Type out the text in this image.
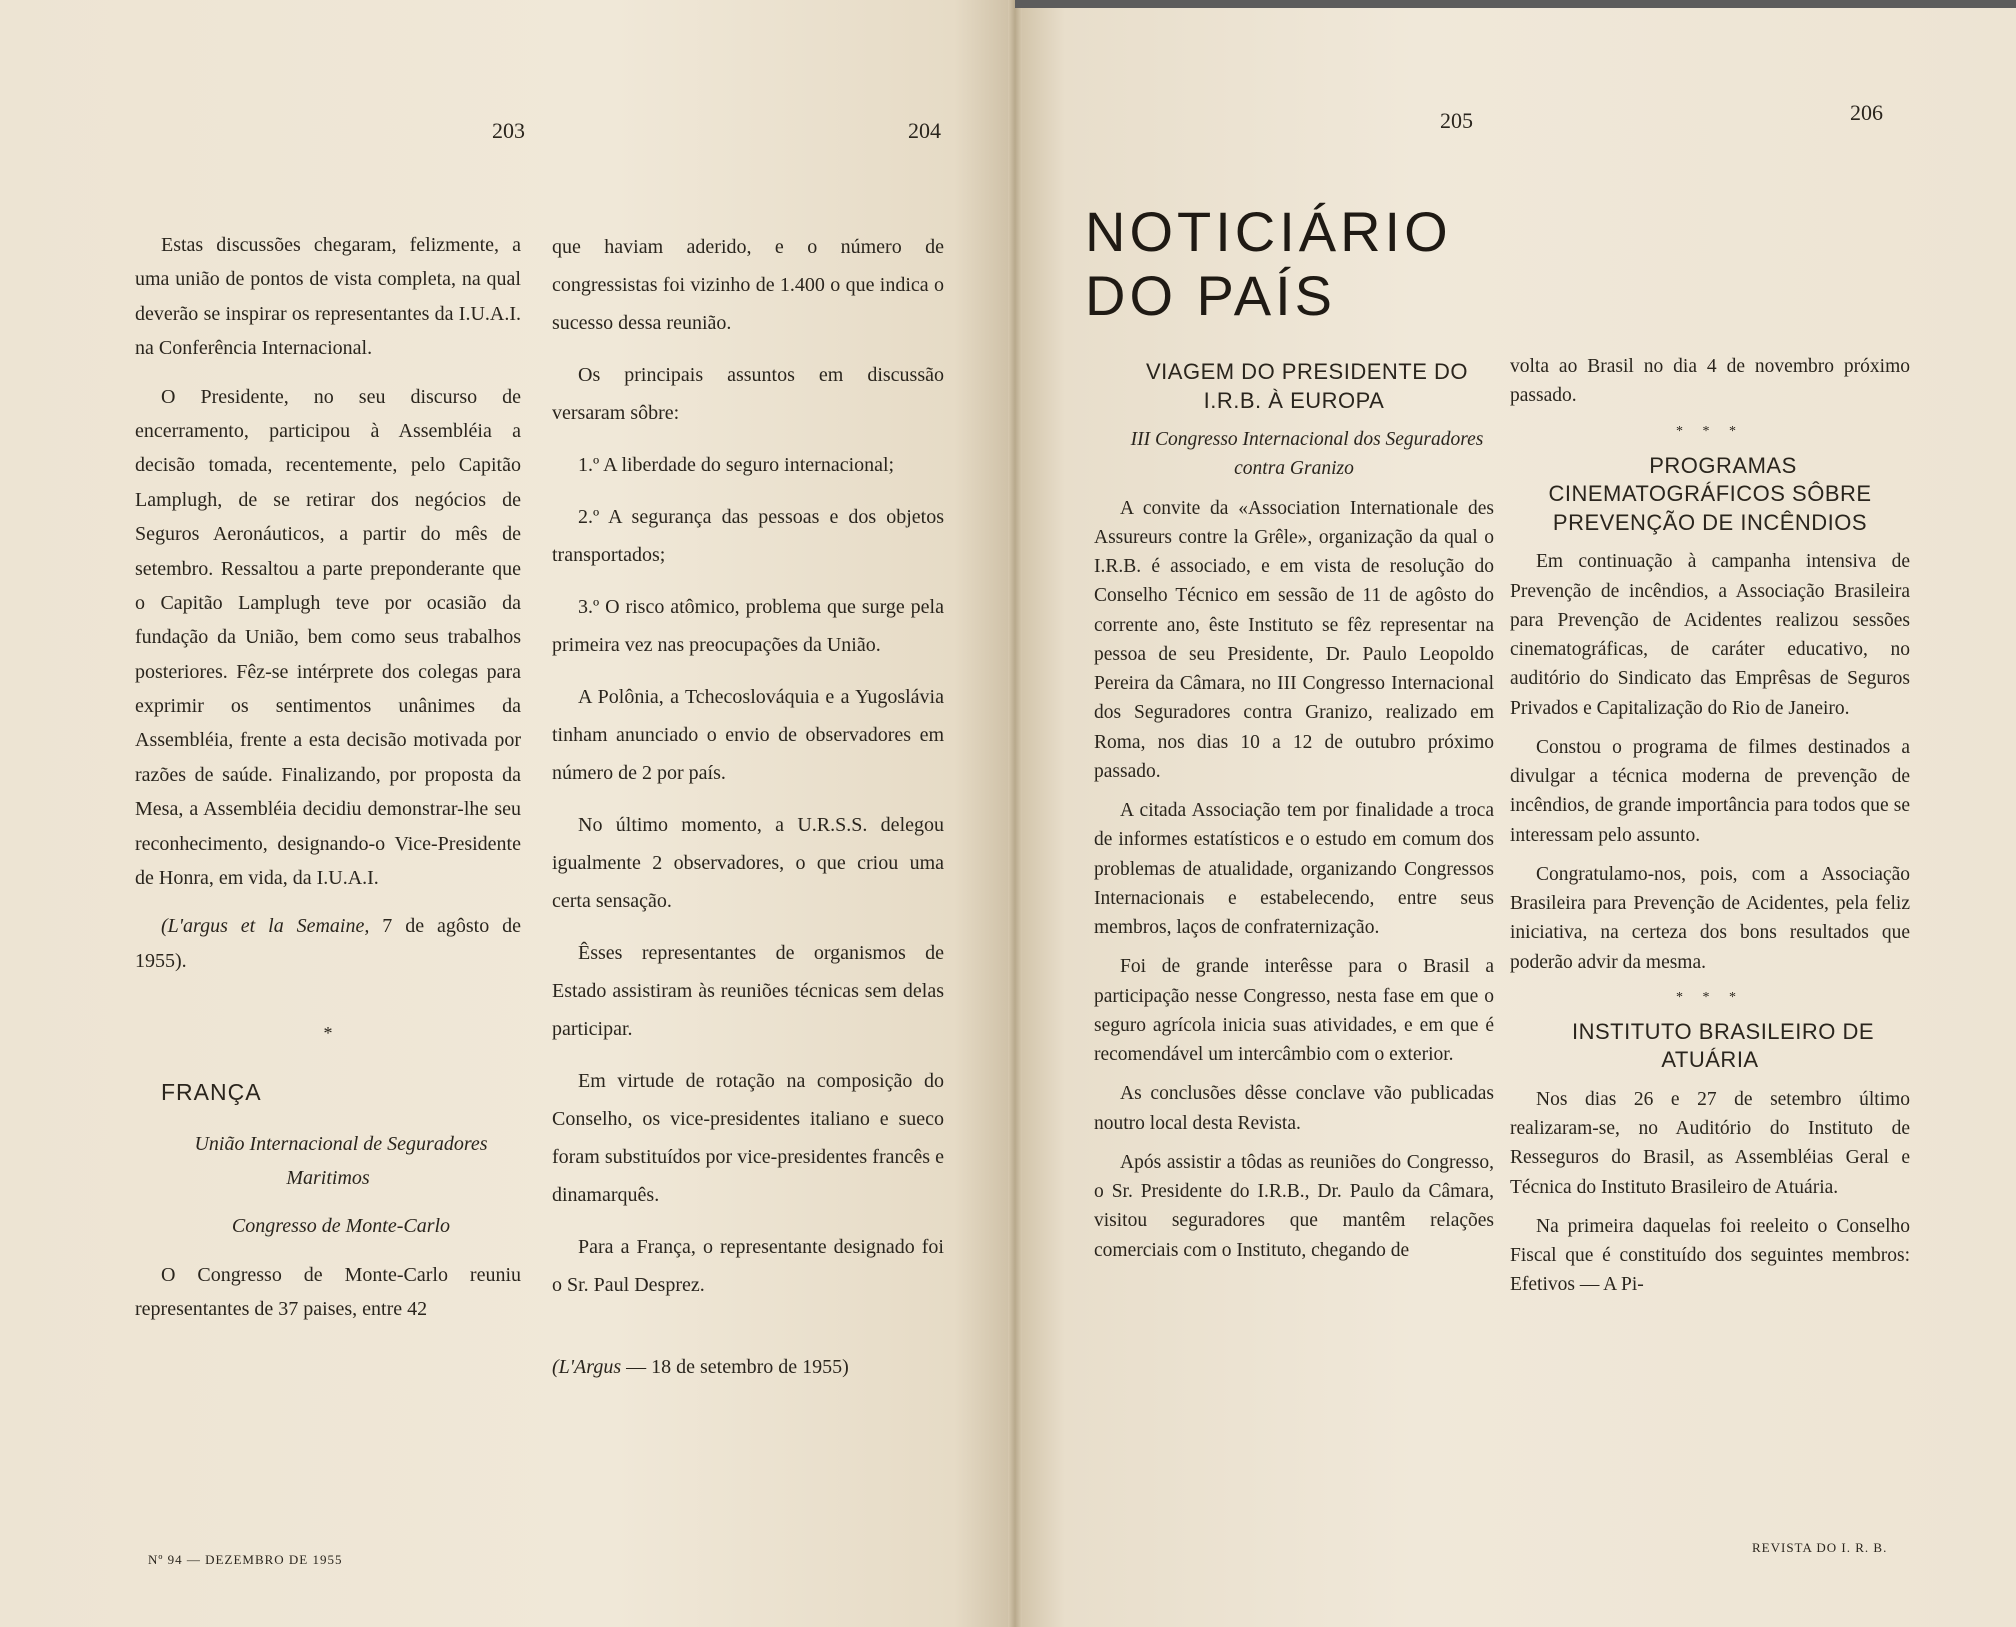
203	204	205	206

Estas discussões chegaram, felizmente, a uma união de pontos de vista completa, na qual deverão se inspirar os representantes da I.U.A.I. na Conferência Internacional.

O Presidente, no seu discurso de encerramento, participou à Assembléia a decisão tomada, recentemente, pelo Capitão Lamplugh, de se retirar dos negócios de Seguros Aeronáuticos, a partir do mês de setembro. Ressaltou a parte preponderante que o Capitão Lamplugh teve por ocasião da fundação da União, bem como seus trabalhos posteriores. Fêz-se intérprete dos colegas para exprimir os sentimentos unânimes da Assembléia, frente a esta decisão motivada por razões de saúde. Finalizando, por proposta da Mesa, a Assembléia decidiu demonstrar-lhe seu reconhecimento, designando-o Vice-Presidente de Honra, em vida, da I.U.A.I.

(L'argus et la Semaine, 7 de agôsto de 1955).

*

FRANÇA

União Internacional de Seguradores Maritimos

Congresso de Monte-Carlo

O Congresso de Monte-Carlo reuniu representantes de 37 paises, entre 42

que haviam aderido, e o número de congressistas foi vizinho de 1.400 o que indica o sucesso dessa reunião.

Os principais assuntos em discussão versaram sôbre:

1.º A liberdade do seguro internacional;

2.º A segurança das pessoas e dos objetos transportados;

3.º O risco atômico, problema que surge pela primeira vez nas preocupações da União.

A Polônia, a Tchecoslováquia e a Yugoslávia tinham anunciado o envio de observadores em número de 2 por país.

No último momento, a U.R.S.S. delegou igualmente 2 observadores, o que criou uma certa sensação.

Êsses representantes de organismos de Estado assistiram às reuniões técnicas sem delas participar.

Em virtude de rotação na composição do Conselho, os vice-presidentes italiano e sueco foram substituídos por vice-presidentes francês e dinamarquês.

Para a França, o representante designado foi o Sr. Paul Desprez.

(L'Argus — 18 de setembro de 1955)

NOTICIÁRIO
DO PAÍS

VIAGEM DO PRESIDENTE DO I.R.B. À EUROPA

III Congresso Internacional dos Seguradores contra Granizo

A convite da «Association Internationale des Assureurs contre la Grêle», organização da qual o I.R.B. é associado, e em vista de resolução do Conselho Técnico em sessão de 11 de agôsto do corrente ano, êste Instituto se fêz representar na pessoa de seu Presidente, Dr. Paulo Leopoldo Pereira da Câmara, no III Congresso Internacional dos Seguradores contra Granizo, realizado em Roma, nos dias 10 a 12 de outubro próximo passado.

A citada Associação tem por finalidade a troca de informes estatísticos e o estudo em comum dos problemas de atualidade, organizando Congressos Internacionais e estabelecendo, entre seus membros, laços de confraternização.

Foi de grande interêsse para o Brasil a participação nesse Congresso, nesta fase em que o seguro agrícola inicia suas atividades, e em que é recomendável um intercâmbio com o exterior.

As conclusões dêsse conclave vão publicadas noutro local desta Revista.

Após assistir a tôdas as reuniões do Congresso, o Sr. Presidente do I.R.B., Dr. Paulo da Câmara, visitou seguradores que mantêm relações comerciais com o Instituto, chegando de

volta ao Brasil no dia 4 de novembro próximo passado.

* * *

PROGRAMAS CINEMATOGRÁFICOS SÔBRE PREVENÇÃO DE INCÊNDIOS

Em continuação à campanha intensiva de Prevenção de incêndios, a Associação Brasileira para Prevenção de Acidentes realizou sessões cinematográficas, de caráter educativo, no auditório do Sindicato das Emprêsas de Seguros Privados e Capitalização do Rio de Janeiro.

Constou o programa de filmes destinados a divulgar a técnica moderna de prevenção de incêndios, de grande importância para todos que se interessam pelo assunto.

Congratulamo-nos, pois, com a Associação Brasileira para Prevenção de Acidentes, pela feliz iniciativa, na certeza dos bons resultados que poderão advir da mesma.

* * *

INSTITUTO BRASILEIRO DE ATUÁRIA

Nos dias 26 e 27 de setembro último realizaram-se, no Auditório do Instituto de Resseguros do Brasil, as Assembléias Geral e Técnica do Instituto Brasileiro de Atuária.

Na primeira daquelas foi reeleito o Conselho Fiscal que é constituído dos seguintes membros: Efetivos — A Pi-

Nº 94 — DEZEMBRO DE 1955
REVISTA DO I. R. B.
